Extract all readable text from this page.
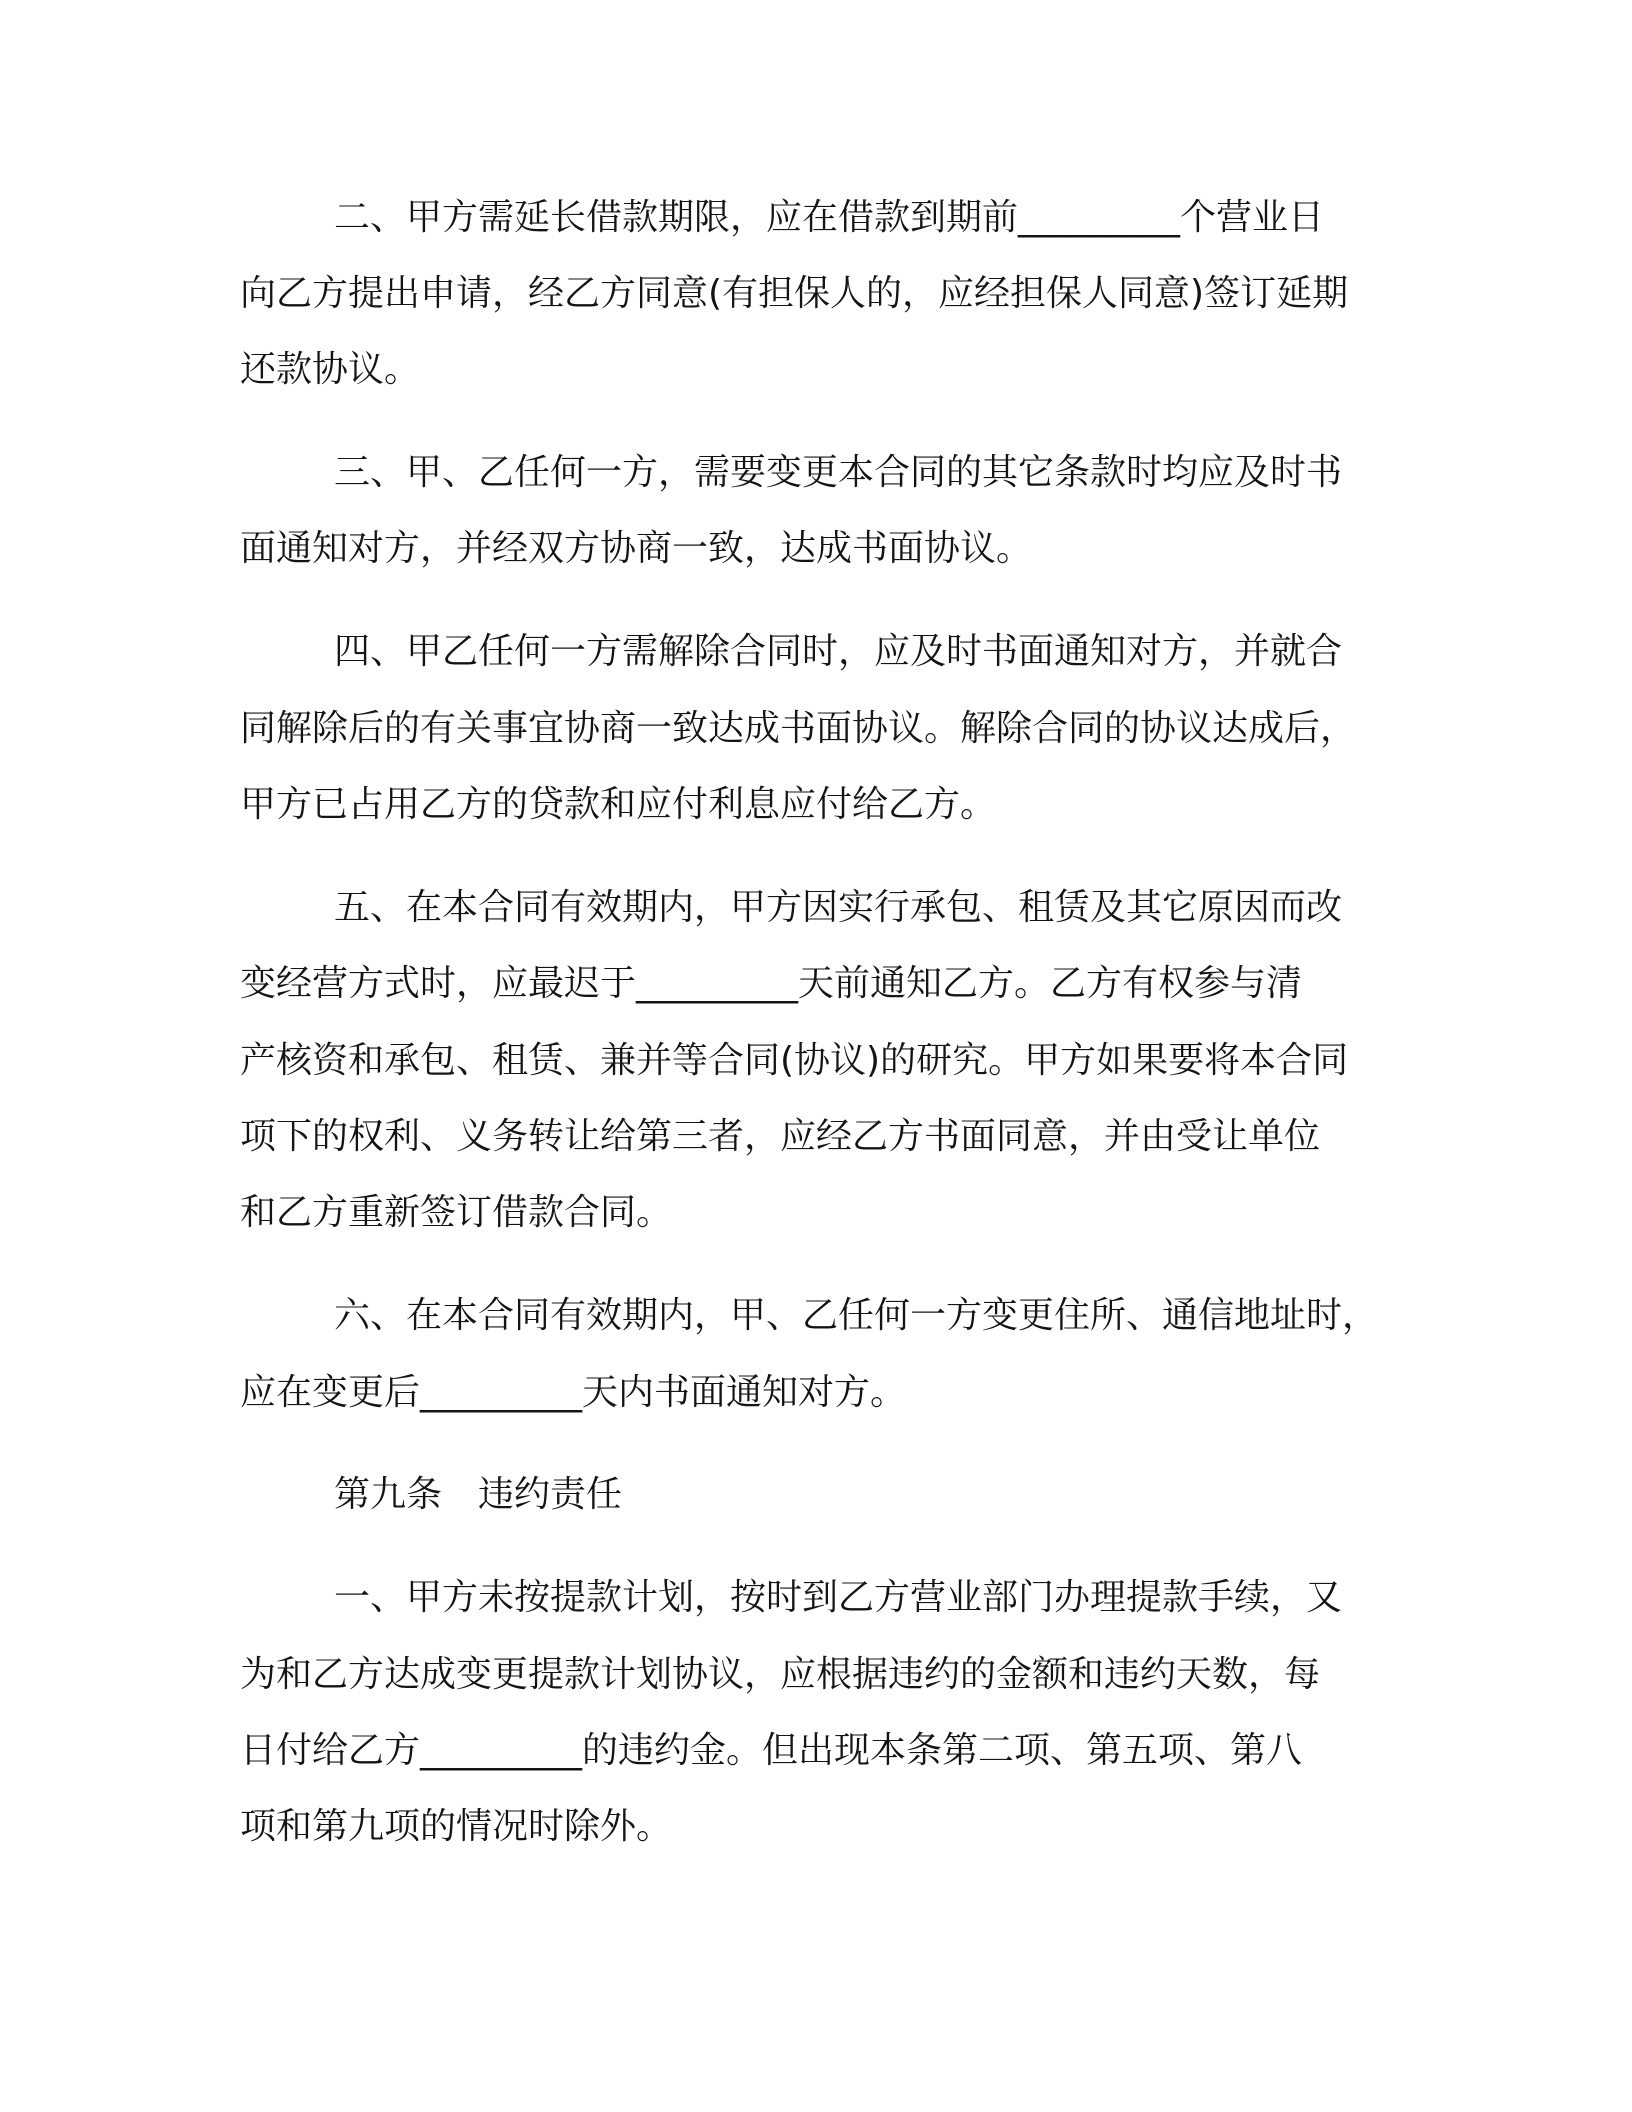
二、甲方需延长借款期限，应在借款到期前_________个营业日

向乙方提出申请，经乙方同意(有担保人的，应经担保人同意)签订延期

还款协议。

三、甲、乙任何一方，需要变更本合同的其它条款时均应及时书

面通知对方，并经双方协商一致，达成书面协议。

四、甲乙任何一方需解除合同时，应及时书面通知对方，并就合

同解除后的有关事宜协商一致达成书面协议。解除合同的协议达成后，

甲方已占用乙方的贷款和应付利息应付给乙方。

五、在本合同有效期内，甲方因实行承包、租赁及其它原因而改

变经营方式时，应最迟于_________天前通知乙方。乙方有权参与清

产核资和承包、租赁、兼并等合同(协议)的研究。甲方如果要将本合同

项下的权利、义务转让给第三者，应经乙方书面同意，并由受让单位

和乙方重新签订借款合同。

六、在本合同有效期内，甲、乙任何一方变更住所、通信地址时，

应在变更后_________天内书面通知对方。

第九条　违约责任

一、甲方未按提款计划，按时到乙方营业部门办理提款手续，又

为和乙方达成变更提款计划协议，应根据违约的金额和违约天数，每

日付给乙方_________的违约金。但出现本条第二项、第五项、第八

项和第九项的情况时除外。
